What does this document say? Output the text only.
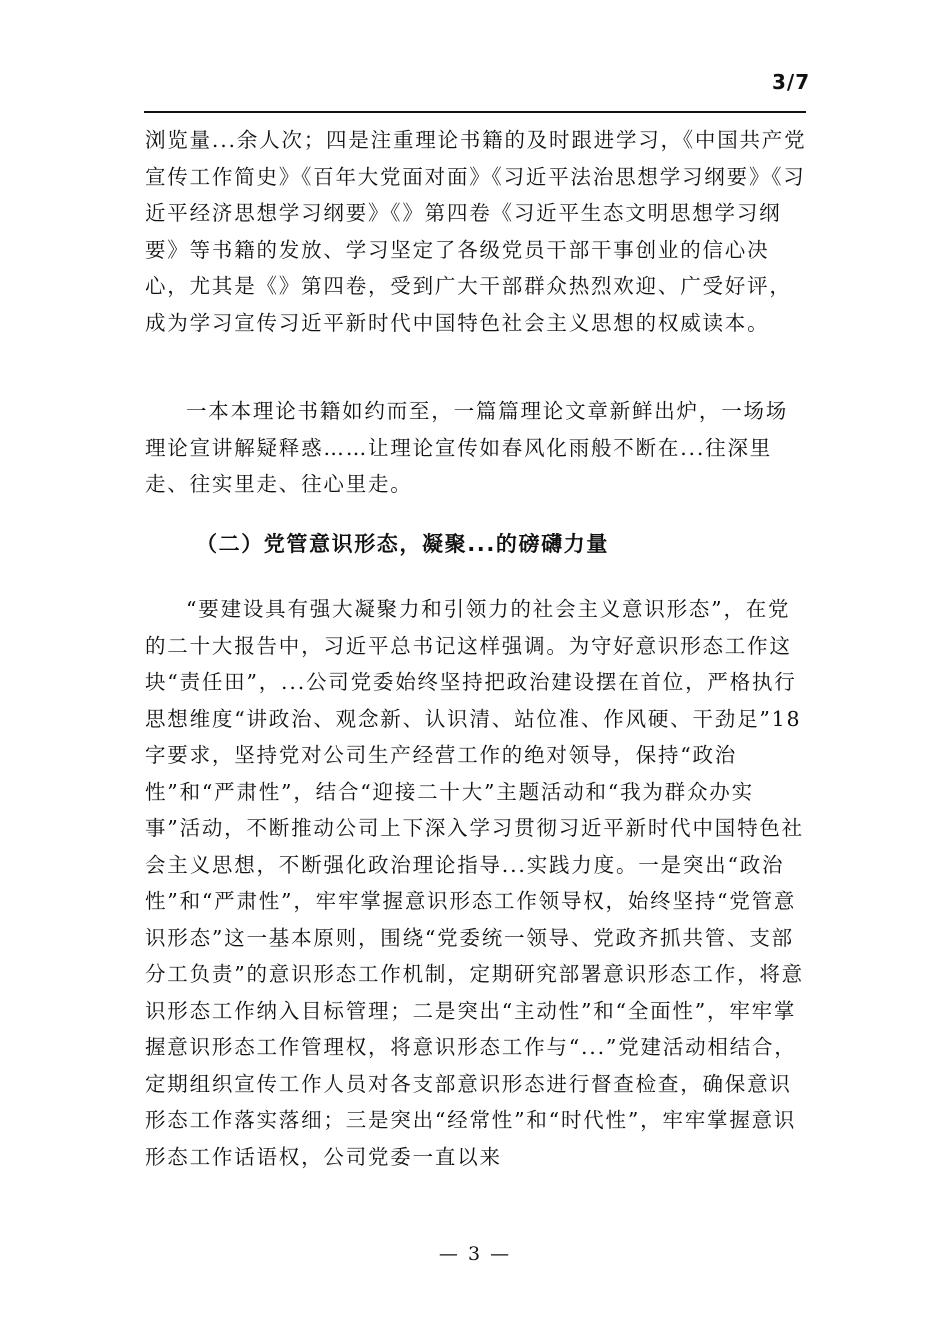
3/7

浏览量...余人次；四是注重理论书籍的及时跟进学习，《中国共产党宣传工作简史》《百年大党面对面》《习近平法治思想学习纲要》《习近平经济思想学习纲要》《》第四卷《习近平生态文明思想学习纲要》等书籍的发放、学习坚定了各级党员干部干事创业的信心决心，尤其是《》第四卷，受到广大干部群众热烈欢迎、广受好评，成为学习宣传习近平新时代中国特色社会主义思想的权威读本。

一本本理论书籍如约而至，一篇篇理论文章新鲜出炉，一场场理论宣讲解疑释惑……让理论宣传如春风化雨般不断在...往深里走、往实里走、往心里走。

（二）党管意识形态，凝聚...的磅礴力量

“要建设具有强大凝聚力和引领力的社会主义意识形态”，在党的二十大报告中，习近平总书记这样强调。为守好意识形态工作这块“责任田”，...公司党委始终坚持把政治建设摆在首位，严格执行思想维度“讲政治、观念新、认识清、站位准、作风硬、干劲足”18字要求，坚持党对公司生产经营工作的绝对领导，保持“政治性”和“严肃性”，结合“迎接二十大”主题活动和“我为群众办实事”活动，不断推动公司上下深入学习贯彻习近平新时代中国特色社会主义思想，不断强化政治理论指导...实践力度。一是突出“政治性”和“严肃性”，牢牢掌握意识形态工作领导权，始终坚持“党管意识形态”这一基本原则，围绕“党委统一领导、党政齐抓共管、支部分工负责”的意识形态工作机制，定期研究部署意识形态工作，将意识形态工作纳入目标管理；二是突出“主动性”和“全面性”，牢牢掌握意识形态工作管理权，将意识形态工作与“...”党建活动相结合，定期组织宣传工作人员对各支部意识形态进行督查检查，确保意识形态工作落实落细；三是突出“经常性”和“时代性”，牢牢掌握意识形态工作话语权，公司党委一直以来

— 3 —
